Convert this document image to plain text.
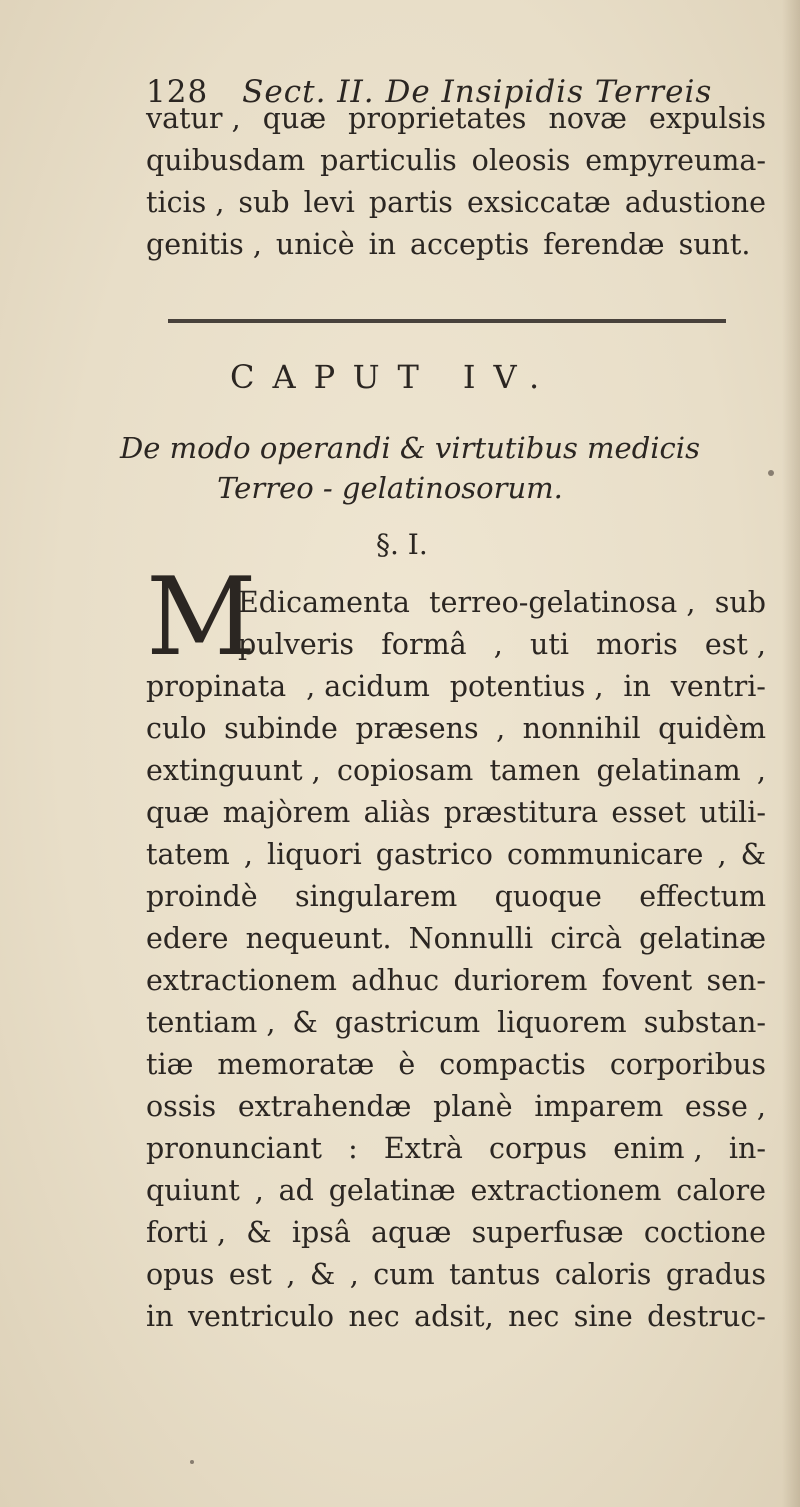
128 Sect. II. De Insipidis Terreis
vatur , quæ proprietates novæ expulsis
quibusdam particulis oleosis empyreuma-
ticis , sub levi partis exsiccatæ adustione
genitis , unicè in acceptis ferendæ sunt.
CAPUT IV.
De modo operandi & virtutibus medicis
Terreo - gelatinosorum.
§. I.
M
Edicamenta terreo-gelatinosa , sub
pulveris formâ , uti moris est ,
propinata , acidum potentius , in ventri-
culo subinde præsens , nonnihil quidèm
extinguunt , copiosam tamen gelatinam ,
quæ majòrem aliàs præstitura esset utili-
tatem , liquori gastrico communicare , &
proindè singularem quoque effectum
edere nequeunt. Nonnulli circà gelatinæ
extractionem adhuc duriorem fovent sen-
tentiam , & gastricum liquorem substan-
tiæ memoratæ è compactis corporibus
ossis extrahendæ planè imparem esse ,
pronunciant : Extrà corpus enim , in-
quiunt , ad gelatinæ extractionem calore
forti , & ipsâ aquæ superfusæ coctione
opus est , & , cum tantus caloris gradus
in ventriculo nec adsit, nec sine destruc-
